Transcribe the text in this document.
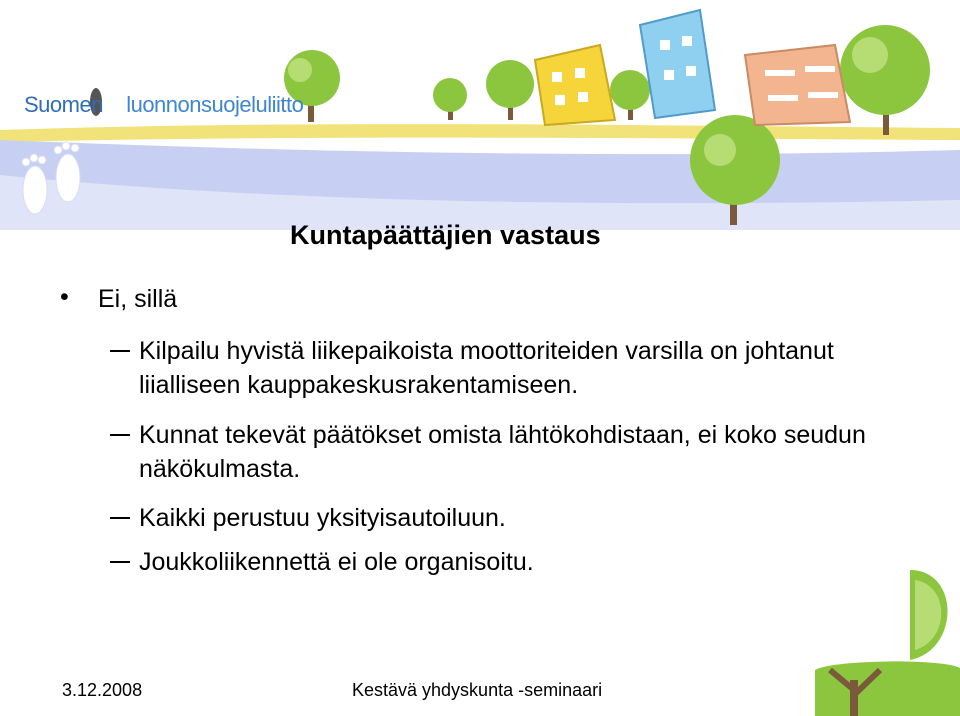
Suomen luonnonsuojeluliitto
Kuntapäättäjien vastaus
• Ei, sillä
Kilpailu hyvistä liikepaikoista moottoriteiden varsilla on johtanut liialliseen kauppakeskusrakentamiseen.
Kunnat tekevät päätökset omista lähtökohdistaan, ei koko seudun näkökulmasta.
Kaikki perustuu yksityisautoiluun.
Joukkoliikennettä ei ole organisoitu.
3.12.2008	Kestävä yhdyskunta -seminaari
